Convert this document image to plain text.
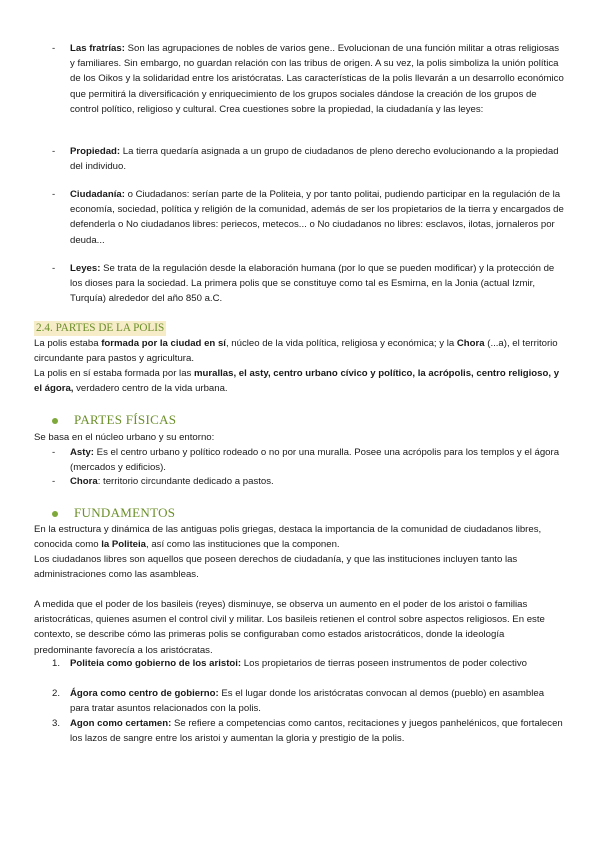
- Las fratrías: Son las agrupaciones de nobles de varios gene.. Evolucionan de una función militar a otras religiosas y familiares. Sin embargo, no guardan relación con las tribus de origen. A su vez, la polis simboliza la unión política de los Oikos y la solidaridad entre los aristócratas. Las características de la polis llevarán a un desarrollo económico que permitirá la diversificación y enriquecimiento de los grupos sociales dándose la creación de los grupos de control político, religioso y cultural. Crea cuestiones sobre la propiedad, la ciudadanía y las leyes:
- Propiedad: La tierra quedaría asignada a un grupo de ciudadanos de pleno derecho evolucionando a la propiedad del individuo.
- Ciudadanía: o Ciudadanos: serían parte de la Politeia, y por tanto politai, pudiendo participar en la regulación de la economía, sociedad, política y religión de la comunidad, además de ser los propietarios de la tierra y encargados de defenderla o No ciudadanos libres: periecos, metecos... o No ciudadanos no libres: esclavos, ilotas, jornaleros por deuda...
- Leyes: Se trata de la regulación desde la elaboración humana (por lo que se pueden modificar) y la protección de los dioses para la sociedad. La primera polis que se constituye como tal es Esmirna, en la Jonia (actual Izmir, Turquía) alrededor del año 850 a.C.
2.4. PARTES DE LA POLIS
La polis estaba formada por la ciudad en sí, núcleo de la vida política, religiosa y económica; y la Chora (...a), el territorio circundante para pastos y agricultura.
La polis en sí estaba formada por las murallas, el asty, centro urbano cívico y político, la acrópolis, centro religioso, y el ágora, verdadero centro de la vida urbana.
PARTES FÍSICAS
Se basa en el núcleo urbano y su entorno:
- Asty: Es el centro urbano y político rodeado o no por una muralla. Posee una acrópolis para los templos y el ágora (mercados y edificios).
- Chora: territorio circundante dedicado a pastos.
FUNDAMENTOS
En la estructura y dinámica de las antiguas polis griegas, destaca la importancia de la comunidad de ciudadanos libres, conocida como la Politeia, así como las instituciones que la componen.
Los ciudadanos libres son aquellos que poseen derechos de ciudadanía, y que las instituciones incluyen tanto las administraciones como las asambleas.
A medida que el poder de los basileis (reyes) disminuye, se observa un aumento en el poder de los aristoi o familias aristocráticas, quienes asumen el control civil y militar. Los basileis retienen el control sobre aspectos religiosos. En este contexto, se describe cómo las primeras polis se configuraban como estados aristocráticos, donde la ideología predominante favorecía a los aristócratas.
1. Politeia como gobierno de los aristoi: Los propietarios de tierras poseen instrumentos de poder colectivo
2. Ágora como centro de gobierno: Es el lugar donde los aristócratas convocan al demos (pueblo) en asamblea para tratar asuntos relacionados con la polis.
3. Agon como certamen: Se refiere a competencias como cantos, recitaciones y juegos panhelénicos, que fortalecen los lazos de sangre entre los aristoi y aumentan la gloria y prestigio de la polis.
